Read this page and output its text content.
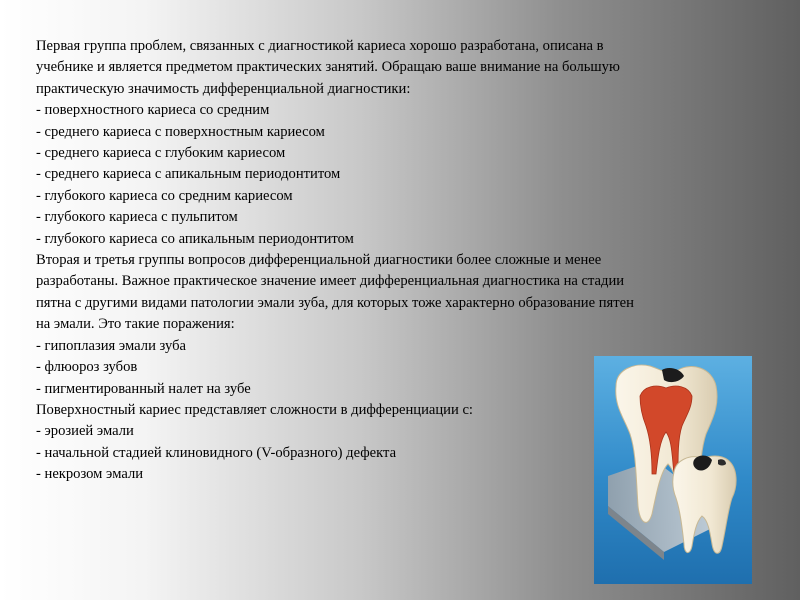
Первая группа проблем, связанных с диагностикой кариеса хорошо разработана, описана в
учебнике и является предметом практических занятий. Обращаю ваше внимание на большую
практическую значимость дифференциальной диагностики:
- поверхностного кариеса со средним
- среднего кариеса с поверхностным кариесом
- среднего кариеса с глубоким кариесом
- среднего кариеса с апикальным периодонтитом
- глубокого кариеса со средним кариесом
- глубокого кариеса с пульпитом
- глубокого кариеса со апикальным периодонтитом
Вторая и третья группы вопросов дифференциальной диагностики более сложные и менее
разработаны. Важное практическое значение имеет дифференциальная диагностика на стадии
пятна с другими видами патологии эмали зуба, для которых тоже характерно образование пятен
на эмали. Это такие поражения:
- гипоплазия эмали зуба
- флюороз зубов
- пигментированный налет на зубе
Поверхностный кариес представляет сложности в дифференциации с:
- эрозией эмали
- начальной стадией клиновидного (V-образного) дефекта
- некрозом эмали
